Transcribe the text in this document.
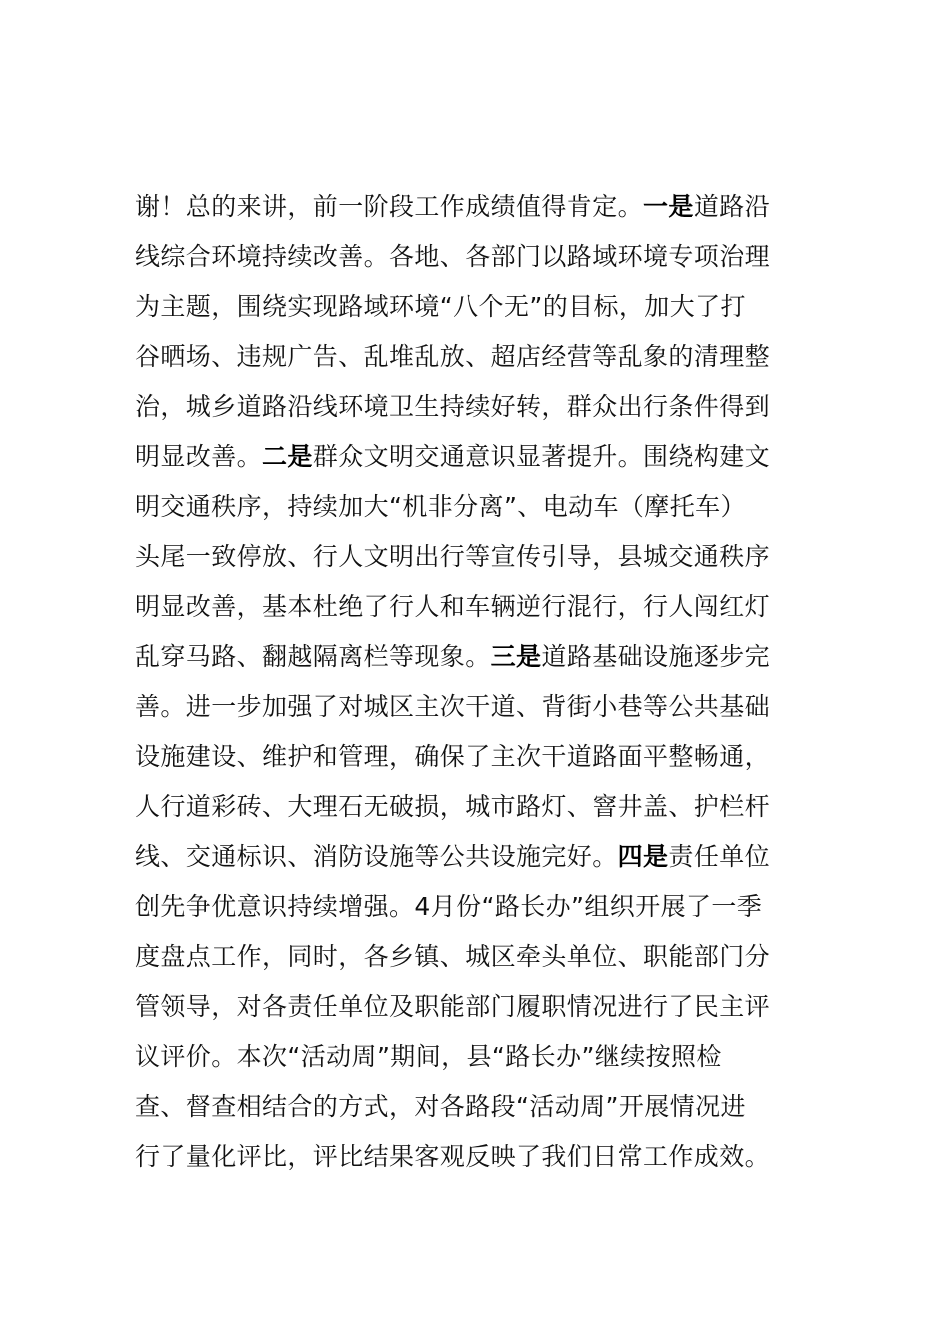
谢！总的来讲，前一阶段工作成绩值得肯定。一是道路沿
线综合环境持续改善。各地、各部门以路域环境专项治理
为主题，围绕实现路域环境“八个无”的目标，加大了打
谷晒场、违规广告、乱堆乱放、超店经营等乱象的清理整
治，城乡道路沿线环境卫生持续好转，群众出行条件得到
明显改善。二是群众文明交通意识显著提升。围绕构建文
明交通秩序，持续加大“机非分离”、电动车（摩托车）
头尾一致停放、行人文明出行等宣传引导，县城交通秩序
明显改善，基本杜绝了行人和车辆逆行混行，行人闯红灯
乱穿马路、翻越隔离栏等现象。三是道路基础设施逐步完
善。进一步加强了对城区主次干道、背街小巷等公共基础
设施建设、维护和管理，确保了主次干道路面平整畅通，
人行道彩砖、大理石无破损，城市路灯、窨井盖、护栏杆
线、交通标识、消防设施等公共设施完好。四是责任单位
创先争优意识持续增强。4月份“路长办”组织开展了一季
度盘点工作，同时，各乡镇、城区牵头单位、职能部门分
管领导，对各责任单位及职能部门履职情况进行了民主评
议评价。本次“活动周”期间，县“路长办”继续按照检
查、督查相结合的方式，对各路段“活动周”开展情况进
行了量化评比，评比结果客观反映了我们日常工作成效。
